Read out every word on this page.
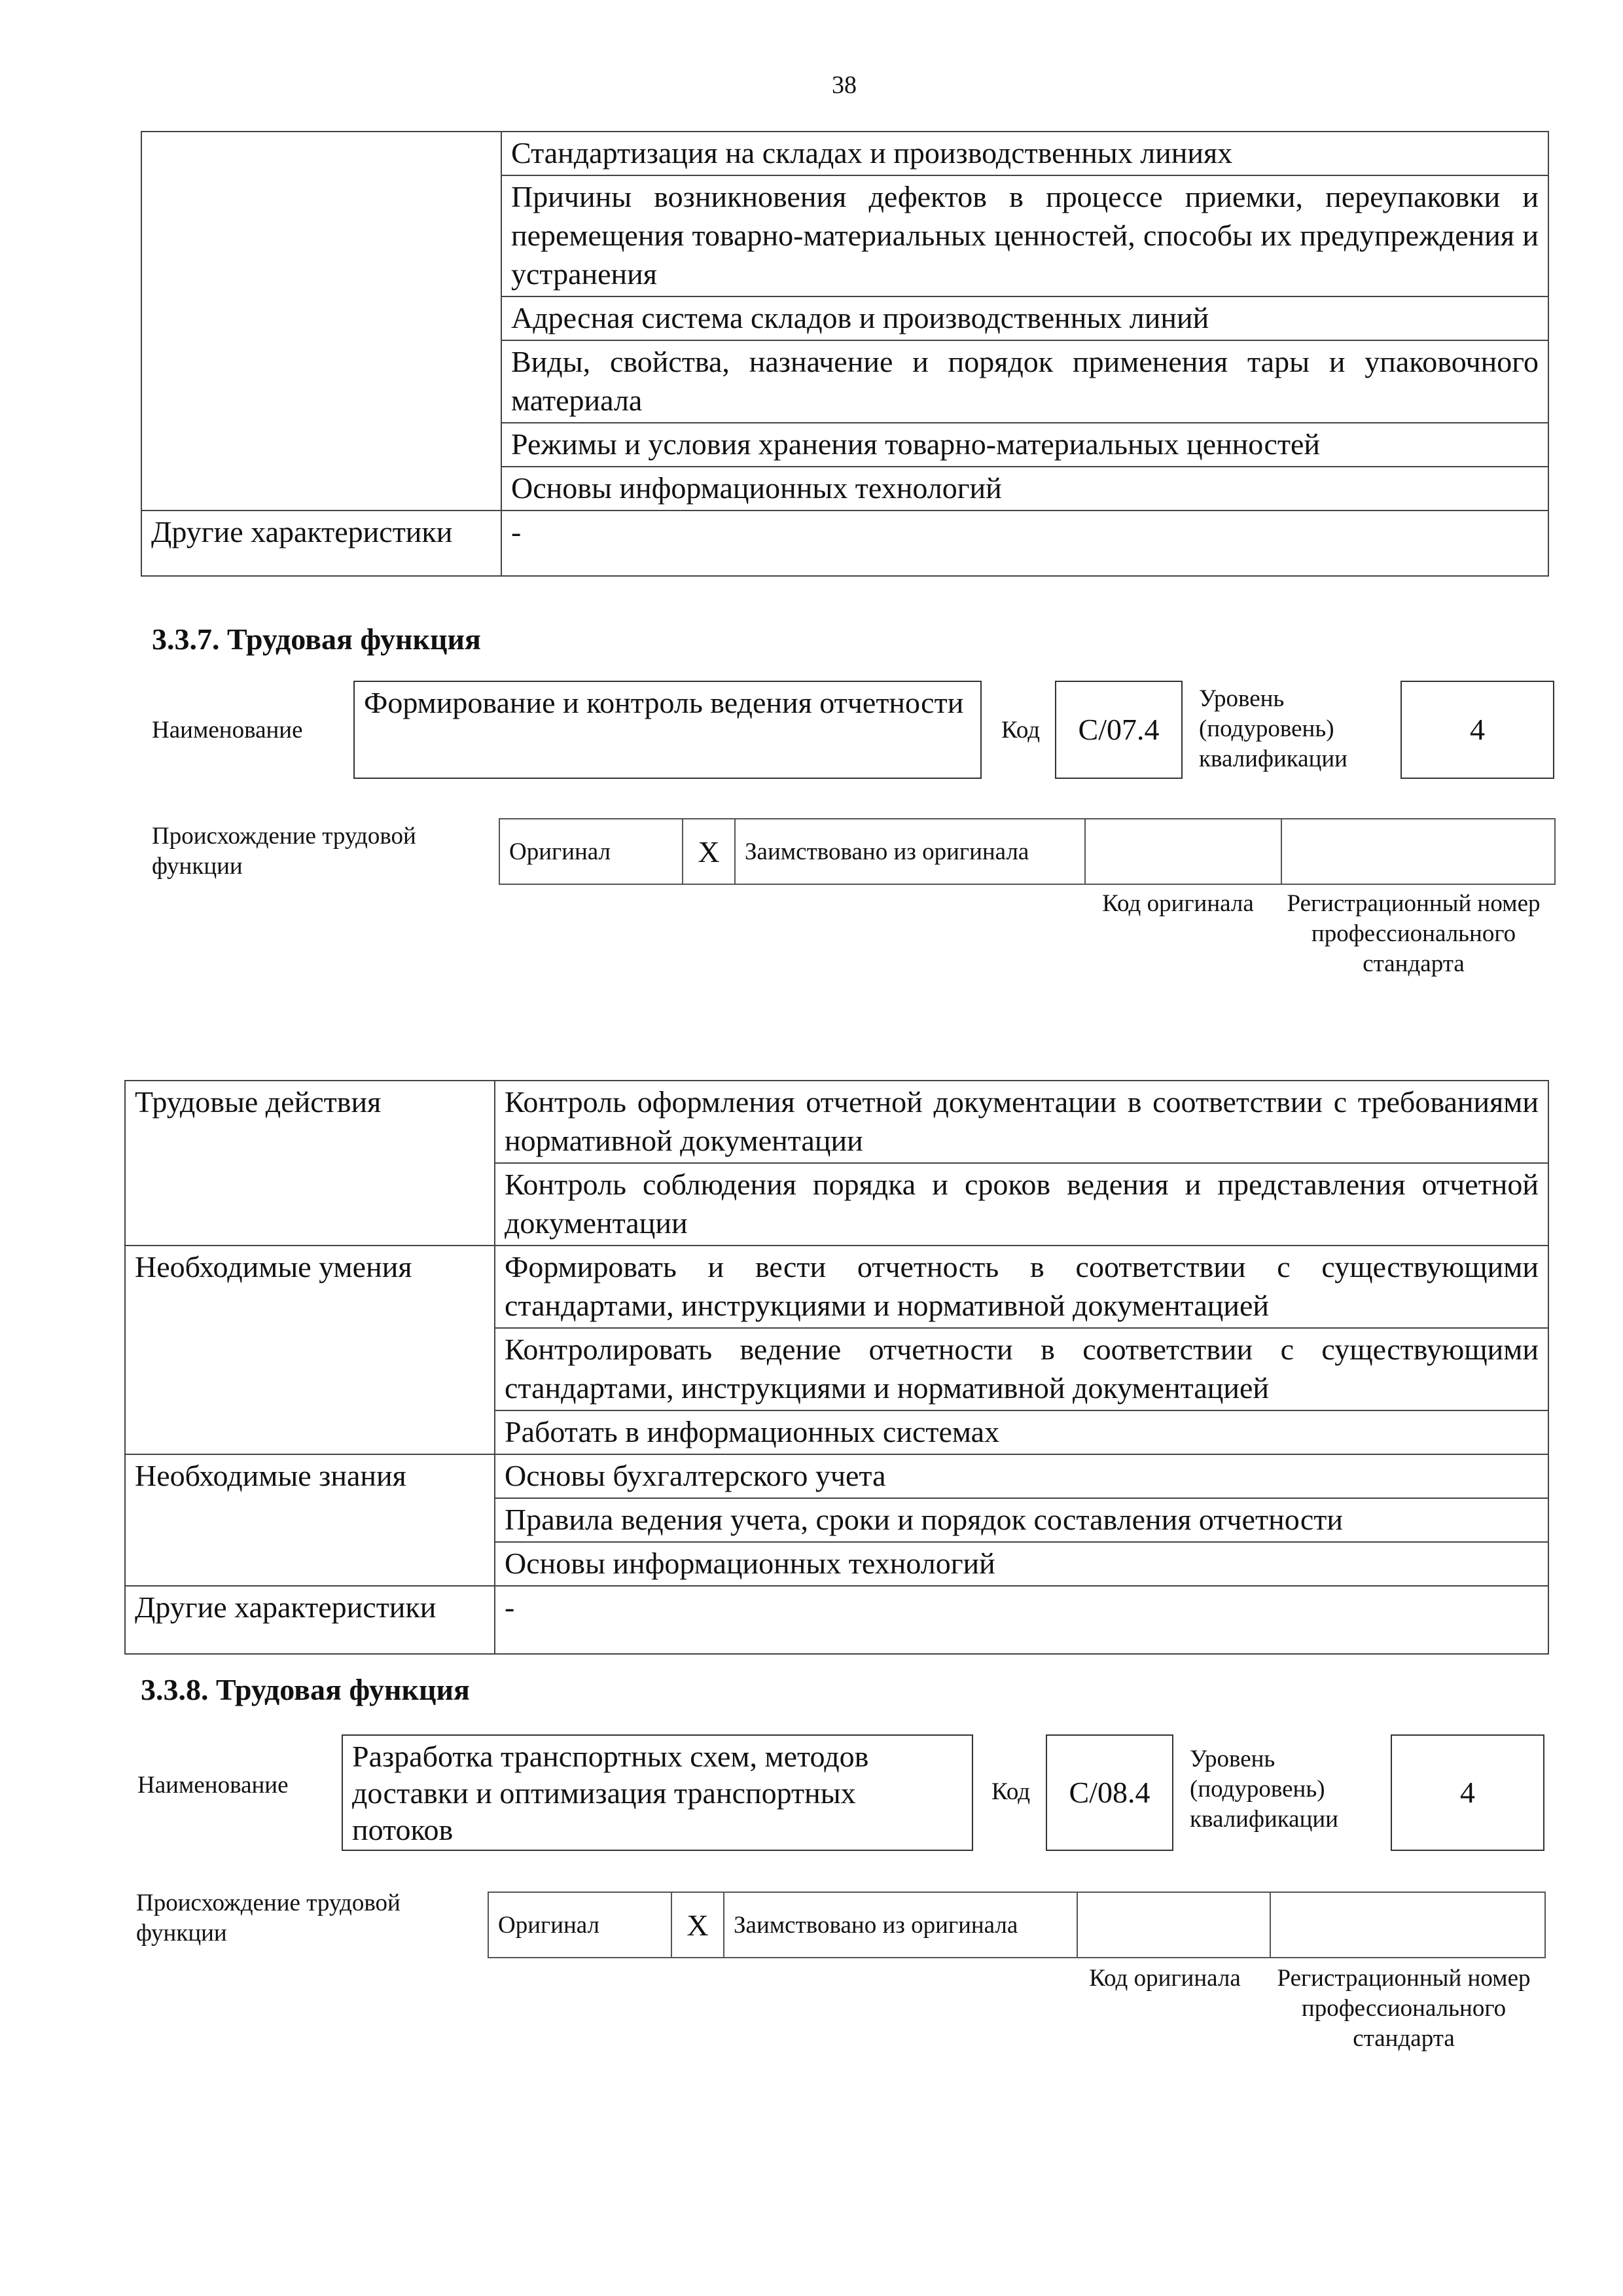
38
	Стандартизация на складах и производственных линиях
	Причины возникновения дефектов в процессе приемки, переупаковки и перемещения товарно-материальных ценностей, способы их предупреждения и устранения
	Адресная система складов и производственных линий
	Виды, свойства, назначение и порядок применения тары и упаковочного материала
	Режимы и условия хранения товарно-материальных ценностей
	Основы информационных технологий
Другие характеристики	-
3.3.7. Трудовая функция
Наименование
Формирование и контроль ведения отчетности
Код	C/07.4
Уровень (подуровень) квалификации
4
Происхождение трудовой функции
Оригинал	X	Заимствовано из оригинала		
Код оригинала	Регистрационный номер профессионального стандарта
Трудовые действия	Контроль оформления отчетной документации в соответствии с требованиями нормативной документации
	Контроль соблюдения порядка и сроков ведения и представления отчетной документации
Необходимые умения	Формировать и вести отчетность в соответствии с существующими стандартами, инструкциями и нормативной документацией
	Контролировать ведение отчетности в соответствии с существующими стандартами, инструкциями и нормативной документацией
	Работать в информационных системах
Необходимые знания	Основы бухгалтерского учета
	Правила ведения учета, сроки и порядок составления отчетности
	Основы информационных технологий
Другие характеристики	-
3.3.8. Трудовая функция
Наименование
Разработка транспортных схем, методов доставки и оптимизация транспортных потоков
Код	C/08.4
Уровень (подуровень) квалификации
4
Происхождение трудовой функции	Оригинал	X	Заимствовано из оригинала		
Код оригинала	Регистрационный номер профессионального стандарта
